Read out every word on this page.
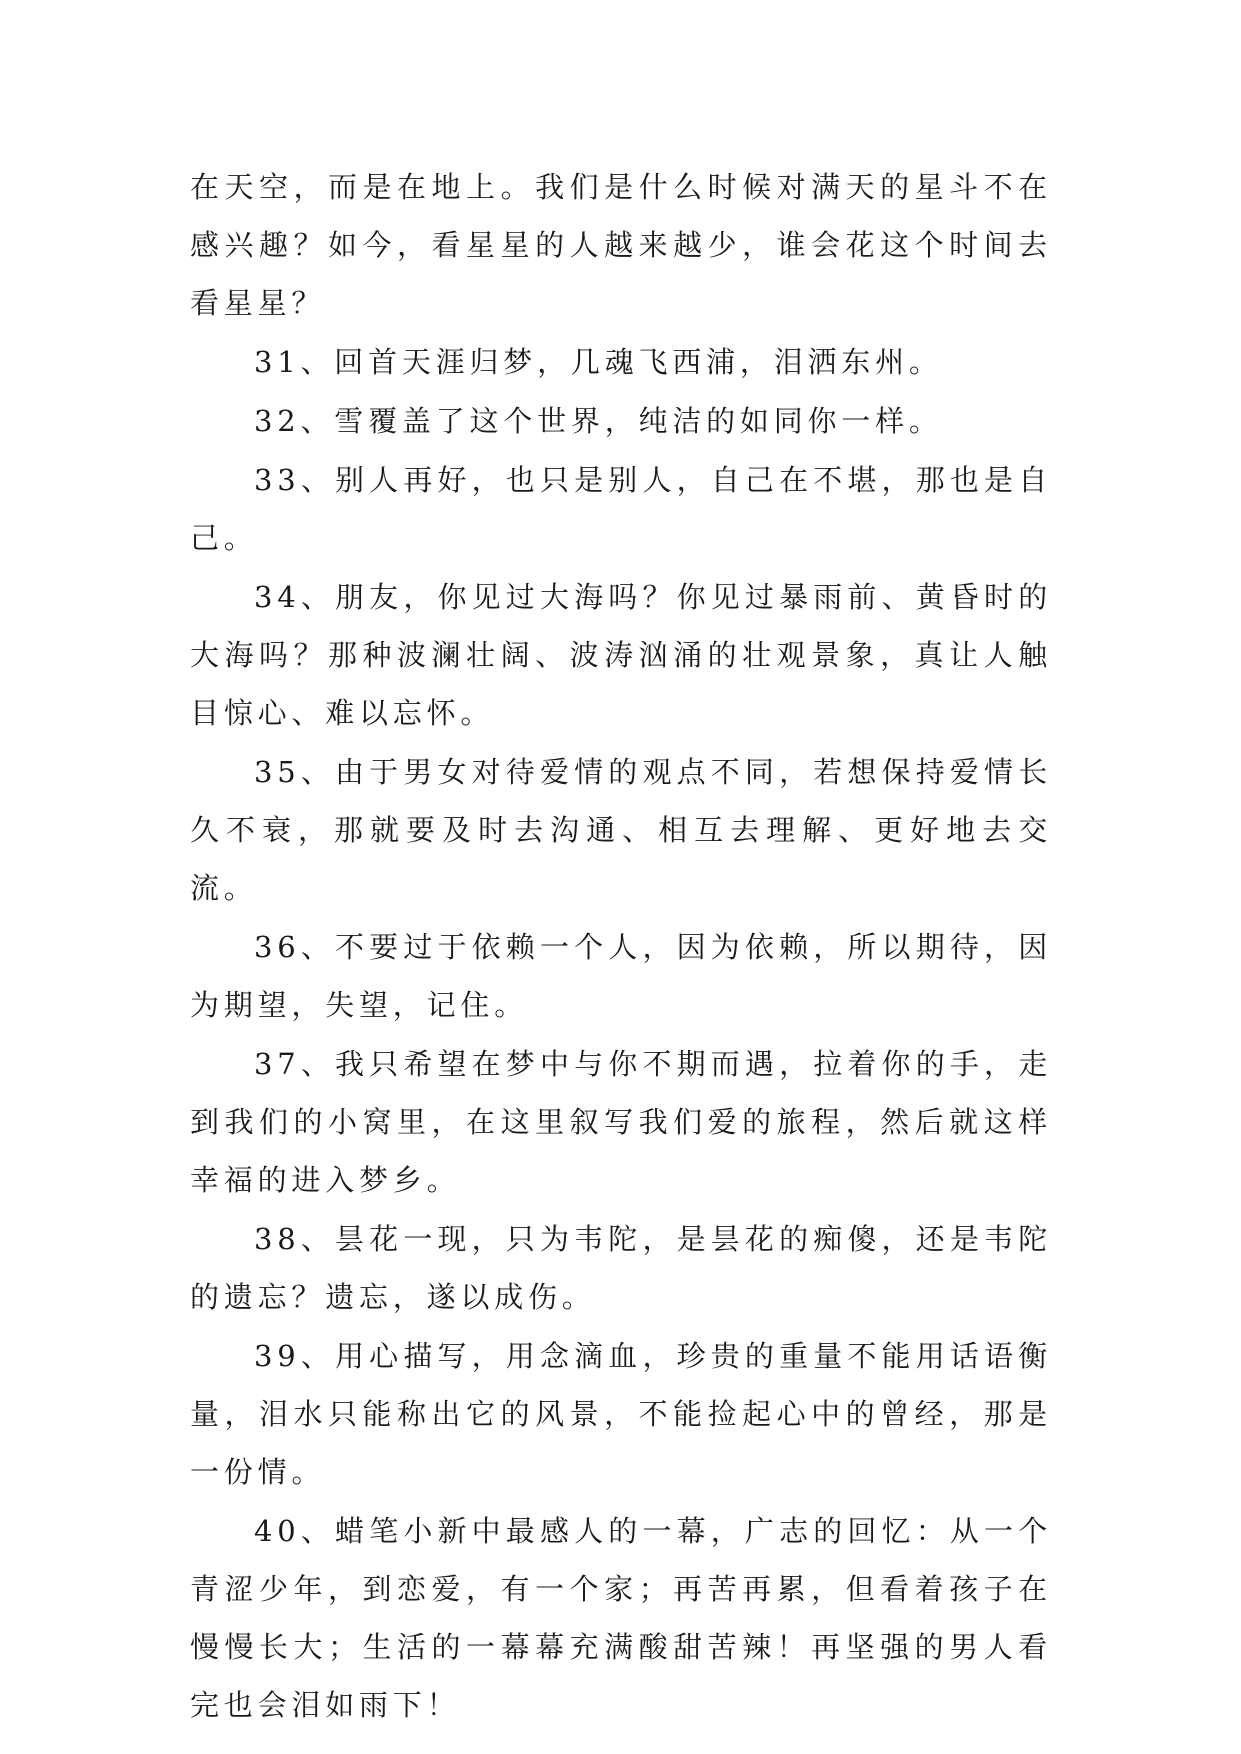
在天空，而是在地上。我们是什么时候对满天的星斗不在感兴趣？如今，看星星的人越来越少，谁会花这个时间去看星星？

31、回首天涯归梦，几魂飞西浦，泪洒东州。

32、雪覆盖了这个世界，纯洁的如同你一样。

33、别人再好，也只是别人，自己在不堪，那也是自己。

34、朋友，你见过大海吗？你见过暴雨前、黄昏时的大海吗？那种波澜壮阔、波涛汹涌的壮观景象，真让人触目惊心、难以忘怀。

35、由于男女对待爱情的观点不同，若想保持爱情长久不衰，那就要及时去沟通、相互去理解、更好地去交流。

36、不要过于依赖一个人，因为依赖，所以期待，因为期望，失望，记住。

37、我只希望在梦中与你不期而遇，拉着你的手，走到我们的小窝里，在这里叙写我们爱的旅程，然后就这样幸福的进入梦乡。

38、昙花一现，只为韦陀，是昙花的痴傻，还是韦陀的遗忘？遗忘，遂以成伤。

39、用心描写，用念滴血，珍贵的重量不能用话语衡量，泪水只能称出它的风景，不能捡起心中的曾经，那是一份情。

40、蜡笔小新中最感人的一幕，广志的回忆：从一个青涩少年，到恋爱，有一个家；再苦再累，但看着孩子在慢慢长大；生活的一幕幕充满酸甜苦辣！再坚强的男人看完也会泪如雨下！
